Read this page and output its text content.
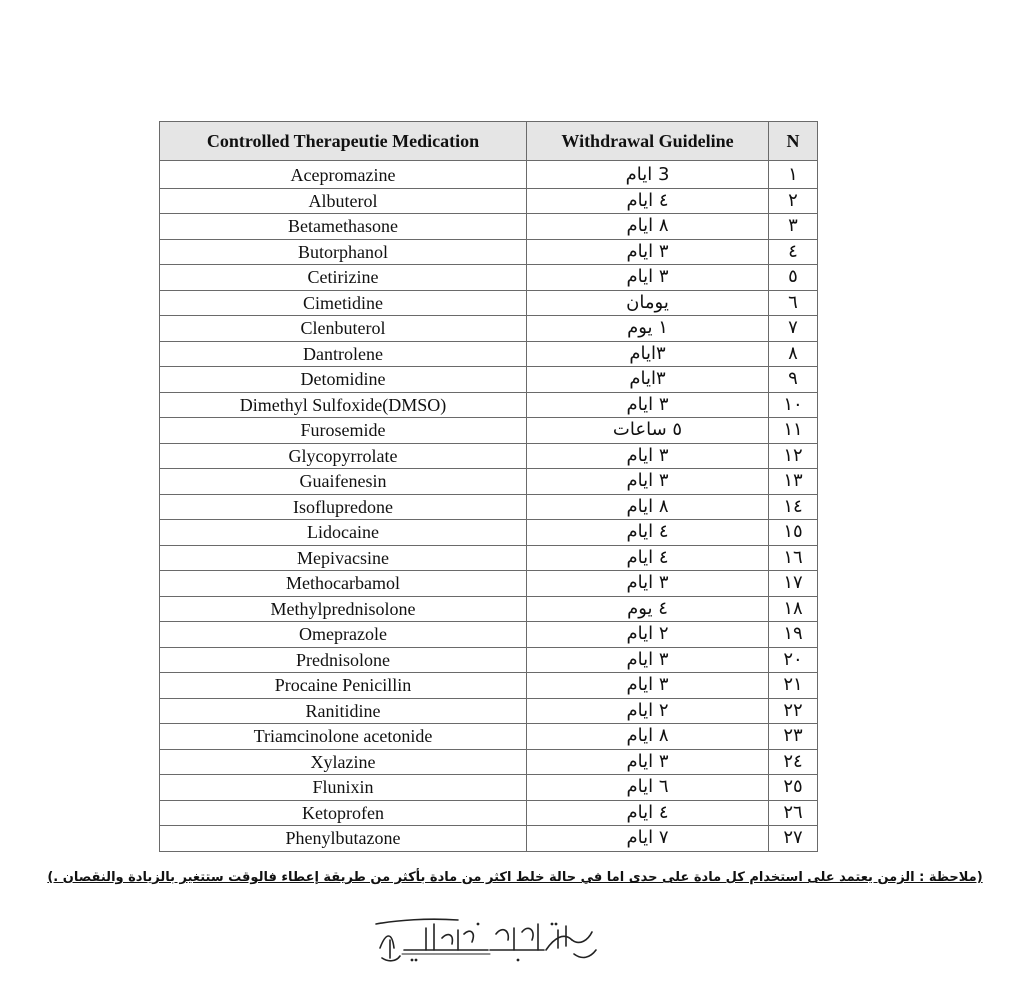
Controlled Therapeutie Medication	Withdrawal Guideline	N
Acepromazine	3 ايام	١
Albuterol	٤ ايام	٢
Betamethasone	٨ ايام	٣
Butorphanol	٣ ايام	٤
Cetirizine	٣ ايام	٥
Cimetidine	يومان	٦
Clenbuterol	١ يوم	٧
Dantrolene	٣ايام	٨
Detomidine	٣ايام	٩
Dimethyl Sulfoxide(DMSO)	٣ ايام	١٠
Furosemide	٥ ساعات	١١
Glycopyrrolate	٣ ايام	١٢
Guaifenesin	٣ ايام	١٣
Isoflupredone	٨ ايام	١٤
Lidocaine	٤ ايام	١٥
Mepivacsine	٤ ايام	١٦
Methocarbamol	٣ ايام	١٧
Methylprednisolone	٤ يوم	١٨
Omeprazole	٢ ايام	١٩
Prednisolone	٣ ايام	٢٠
Procaine Penicillin	٣ ايام	٢١
Ranitidine	٢ ايام	٢٢
Triamcinolone acetonide	٨ ايام	٢٣
Xylazine	٣ ايام	٢٤
Flunixin	٦ ايام	٢٥
Ketoprofen	٤ ايام	٢٦
Phenylbutazone	٧ ايام	٢٧
(ملاحظة : الزمن يعتمد على استخدام كل مادة على حدى اما في حالة خلط اكثر من مادة بأكثر من طريقة إعطاء فالوقت ستتغير بالزيادة والنقصان .)
